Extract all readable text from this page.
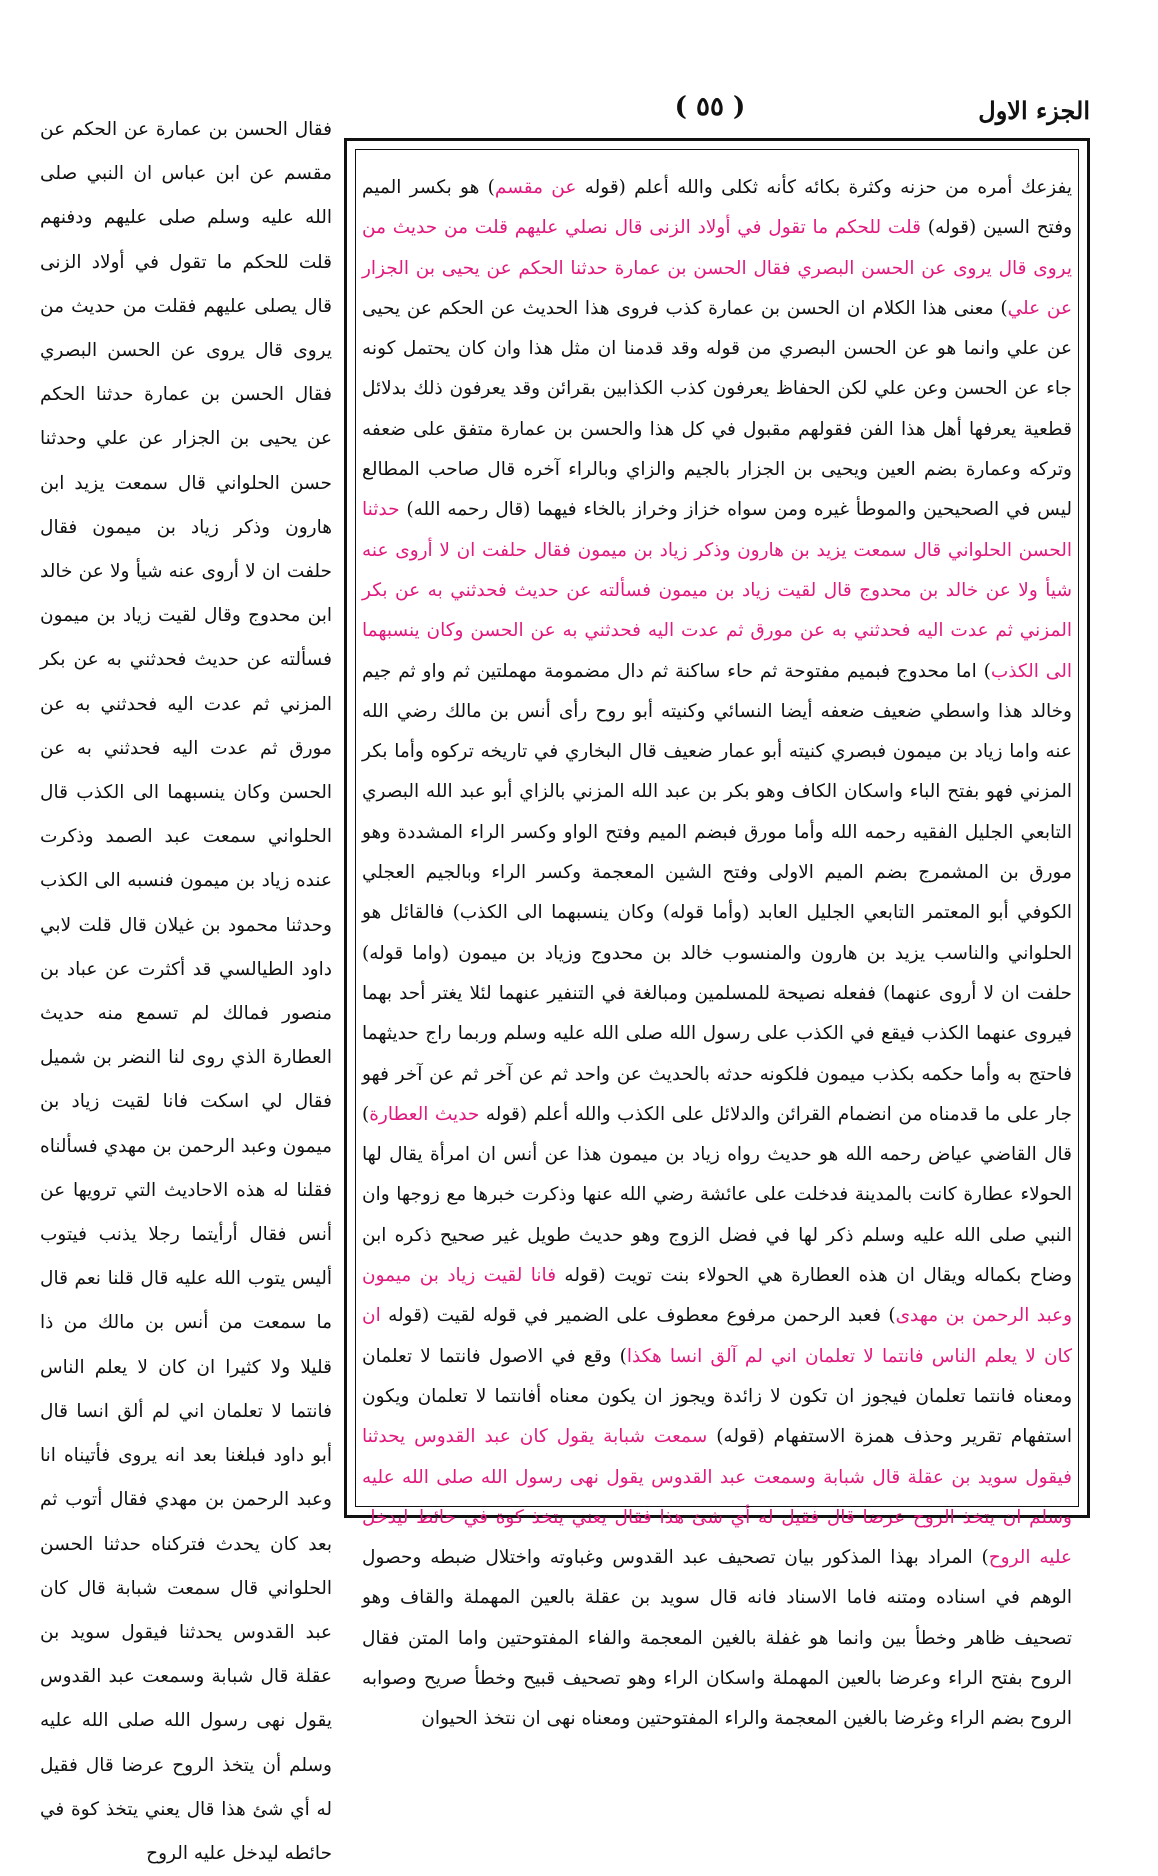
( ٥٥ )	الجزء الاول
فقال الحسن بن عمارة عن الحكم عن مقسم عن ابن عباس ان النبي صلى الله عليه وسلم صلى عليهم ودفنهم قلت للحكم ما تقول في أولاد الزنى قال يصلى عليهم فقلت من حديث من يروى قال يروى عن الحسن البصري فقال الحسن بن عمارة حدثنا الحكم عن يحيى بن الجزار عن علي وحدثنا حسن الحلواني قال سمعت يزيد ابن هارون وذكر زياد بن ميمون فقال حلفت ان لا أروى عنه شيأ ولا عن خالد ابن محدوج وقال لقيت زياد بن ميمون فسألته عن حديث فحدثني به عن بكر المزني ثم عدت اليه فحدثني به عن مورق ثم عدت اليه فحدثني به عن الحسن وكان ينسبهما الى الكذب قال الحلواني سمعت عبد الصمد وذكرت عنده زياد بن ميمون فنسبه الى الكذب وحدثنا محمود بن غيلان قال قلت لابي داود الطيالسي قد أكثرت عن عباد بن منصور فمالك لم تسمع منه حديث العطارة الذي روى لنا النضر بن شميل فقال لي اسكت فانا لقيت زياد بن ميمون وعبد الرحمن بن مهدي فسألناه فقلنا له هذه الاحاديث التي ترويها عن أنس فقال أرأيتما رجلا يذنب فيتوب أليس يتوب الله عليه قال قلنا نعم قال ما سمعت من أنس بن مالك من ذا قليلا ولا كثيرا ان كان لا يعلم الناس فانتما لا تعلمان اني لم ألق انسا قال أبو داود فبلغنا بعد انه يروى فأتيناه انا وعبد الرحمن بن مهدي فقال أتوب ثم بعد كان يحدث فتركناه حدثنا الحسن الحلواني قال سمعت شبابة قال كان عبد القدوس يحدثنا فيقول سويد بن عقلة قال شبابة وسمعت عبد القدوس يقول نهى رسول الله صلى الله عليه وسلم أن يتخذ الروح عرضا قال فقيل له أي شئ هذا قال يعني يتخذ كوة في حائطه ليدخل عليه الروح
يفزعك أمره من حزنه وكثرة بكائه كأنه ثكلى والله أعلم (قوله عن مقسم) هو بكسر الميم وفتح السين (قوله) قلت للحكم ما تقول في أولاد الزنى قال نصلي عليهم قلت من حديث من يروى قال يروى عن الحسن البصري فقال الحسن بن عمارة حدثنا الحكم عن يحيى بن الجزار عن علي) معنى هذا الكلام ان الحسن بن عمارة كذب فروى هذا الحديث عن الحكم عن يحيى عن علي وانما هو عن الحسن البصري من قوله وقد قدمنا ان مثل هذا وان كان يحتمل كونه جاء عن الحسن وعن علي لكن الحفاظ يعرفون كذب الكذابين بقرائن وقد يعرفون ذلك بدلائل قطعية يعرفها أهل هذا الفن فقولهم مقبول في كل هذا والحسن بن عمارة متفق على ضعفه وتركه وعمارة بضم العين ويحيى بن الجزار بالجيم والزاي وبالراء آخره قال صاحب المطالع ليس في الصحيحين والموطأ غيره ومن سواه خزاز وخراز بالخاء فيهما (قال رحمه الله) حدثنا الحسن الحلواني قال سمعت يزيد بن هارون وذكر زياد بن ميمون فقال حلفت ان لا أروى عنه شيأ ولا عن خالد بن محدوج قال لقيت زياد بن ميمون فسألته عن حديث فحدثني به عن بكر المزني ثم عدت اليه فحدثني به عن مورق ثم عدت اليه فحدثني به عن الحسن وكان ينسبهما الى الكذب) اما محدوج فبميم مفتوحة ثم حاء ساكنة ثم دال مضمومة مهملتين ثم واو ثم جيم وخالد هذا واسطي ضعيف ضعفه أيضا النسائي وكنيته أبو روح رأى أنس بن مالك رضي الله عنه واما زياد بن ميمون فبصري كنيته أبو عمار ضعيف قال البخاري في تاريخه تركوه وأما بكر المزني فهو بفتح الباء واسكان الكاف وهو بكر بن عبد الله المزني بالزاي أبو عبد الله البصري التابعي الجليل الفقيه رحمه الله وأما مورق فبضم الميم وفتح الواو وكسر الراء المشددة وهو مورق بن المشمرج بضم الميم الاولى وفتح الشين المعجمة وكسر الراء وبالجيم العجلي الكوفي أبو المعتمر التابعي الجليل العابد (وأما قوله) وكان ينسبهما الى الكذب) فالقائل هو الحلواني والناسب يزيد بن هارون والمنسوب خالد بن محدوج وزياد بن ميمون (واما قوله) حلفت ان لا أروى عنهما) ففعله نصيحة للمسلمين ومبالغة في التنفير عنهما لئلا يغتر أحد بهما فيروى عنهما الكذب فيقع في الكذب على رسول الله صلى الله عليه وسلم وربما راج حديثهما فاحتج به وأما حكمه بكذب ميمون فلكونه حدثه بالحديث عن واحد ثم عن آخر ثم عن آخر فهو جار على ما قدمناه من انضمام القرائن والدلائل على الكذب والله أعلم (قوله حديث العطارة) قال القاضي عياض رحمه الله هو حديث رواه زياد بن ميمون هذا عن أنس ان امرأة يقال لها الحولاء عطارة كانت بالمدينة فدخلت على عائشة رضي الله عنها وذكرت خبرها مع زوجها وان النبي صلى الله عليه وسلم ذكر لها في فضل الزوج وهو حديث طويل غير صحيح ذكره ابن وضاح بكماله ويقال ان هذه العطارة هي الحولاء بنت تويت (قوله فانا لقيت زياد بن ميمون وعبد الرحمن بن مهدى) فعبد الرحمن مرفوع معطوف على الضمير في قوله لقيت (قوله ان كان لا يعلم الناس فانتما لا تعلمان اني لم آلق انسا هكذا) وقع في الاصول فانتما لا تعلمان ومعناه فانتما تعلمان فيجوز ان تكون لا زائدة ويجوز ان يكون معناه أفانتما لا تعلمان ويكون استفهام تقرير وحذف همزة الاستفهام (قوله) سمعت شبابة يقول كان عبد القدوس يحدثنا فيقول سويد بن عقلة قال شبابة وسمعت عبد القدوس يقول نهى رسول الله صلى الله عليه وسلم ان يتخذ الروح عرضا قال فقيل له أي شئ هذا فقال يعني يتخذ كوة في حائط ليدخل عليه الروح) المراد بهذا المذكور بيان تصحيف عبد القدوس وغباوته واختلال ضبطه وحصول الوهم في اسناده ومتنه فاما الاسناد فانه قال سويد بن عقلة بالعين المهملة والقاف وهو تصحيف ظاهر وخطأ بين وانما هو غفلة بالغين المعجمة والفاء المفتوحتين واما المتن فقال الروح بفتح الراء وعرضا بالعين المهملة واسكان الراء وهو تصحيف قبيح وخطأ صريح وصوابه الروح بضم الراء وغرضا بالغين المعجمة والراء المفتوحتين ومعناه نهى ان نتخذ الحيوان
